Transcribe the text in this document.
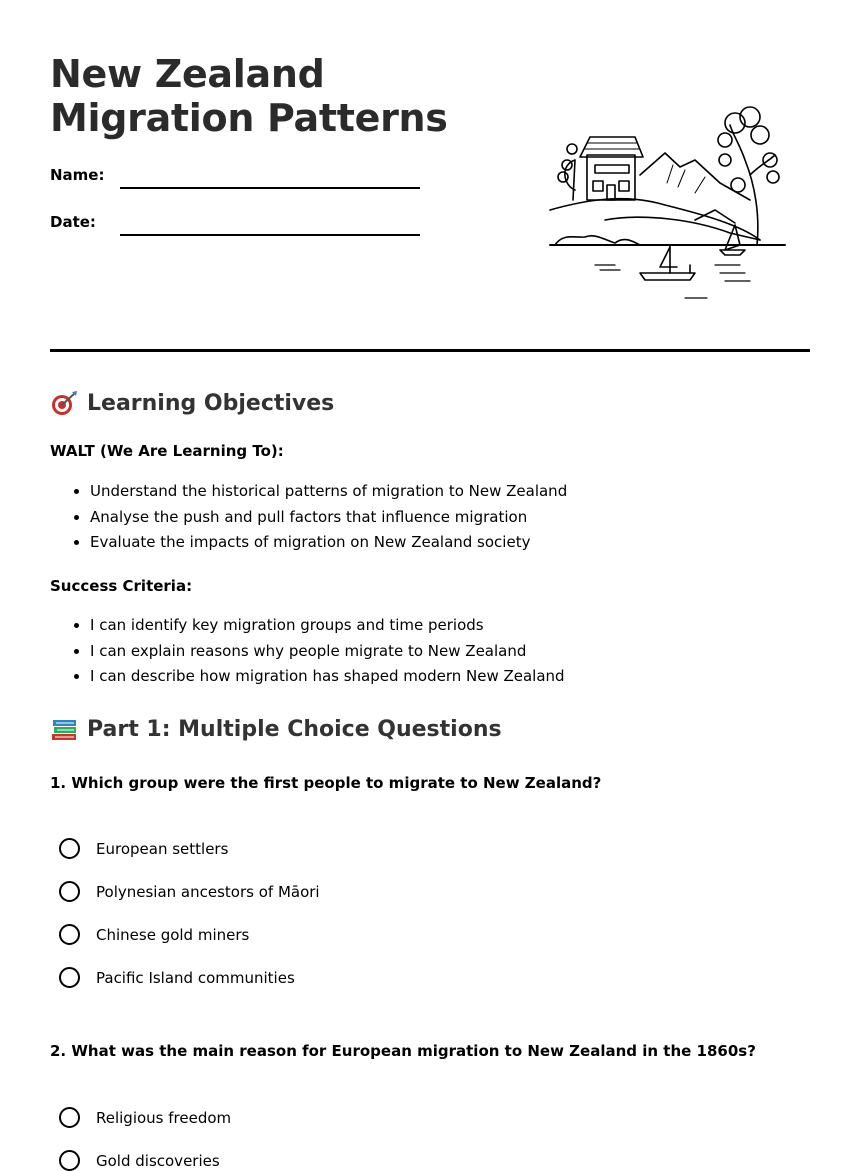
New Zealand Migration Patterns
Name:
Date:
Learning Objectives
WALT (We Are Learning To):
• Understand the historical patterns of migration to New Zealand
• Analyse the push and pull factors that influence migration
• Evaluate the impacts of migration on New Zealand society
Success Criteria:
• I can identify key migration groups and time periods
• I can explain reasons why people migrate to New Zealand
• I can describe how migration has shaped modern New Zealand
Part 1: Multiple Choice Questions
1. Which group were the first people to migrate to New Zealand?
European settlers
Polynesian ancestors of Māori
Chinese gold miners
Pacific Island communities
2. What was the main reason for European migration to New Zealand in the 1860s?
Religious freedom
Gold discoveries
